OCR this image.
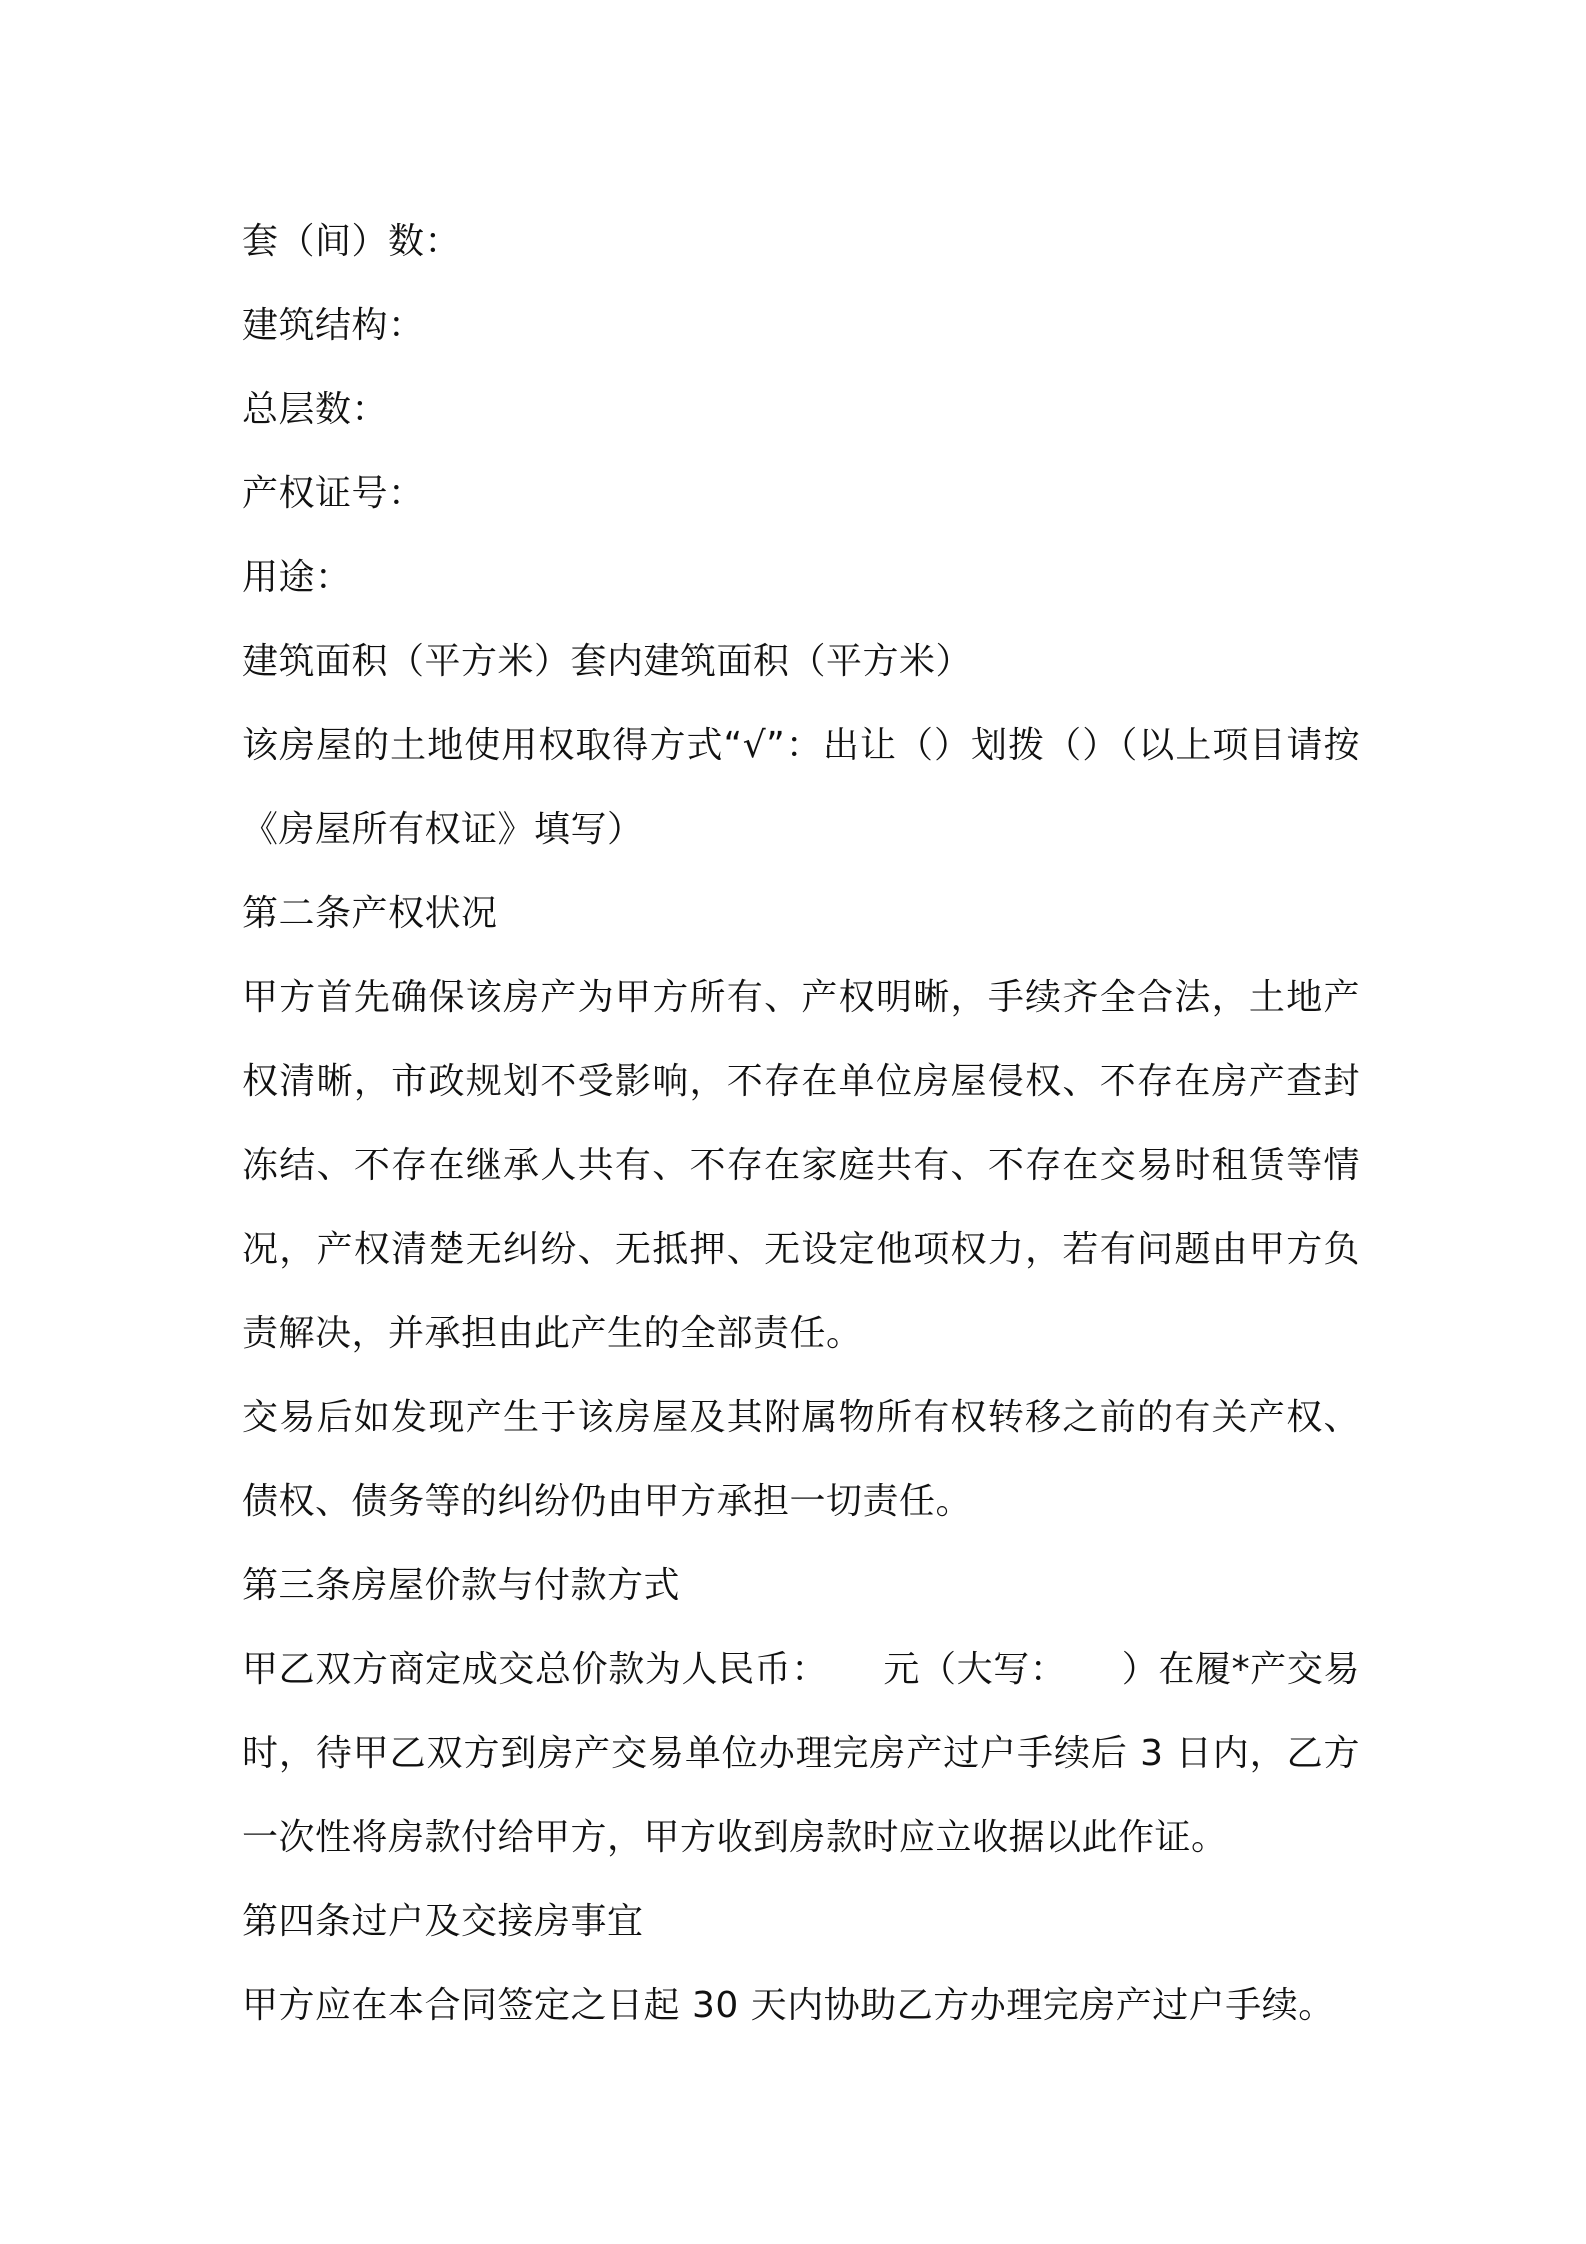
套（间）数：
建筑结构：
总层数：
产权证号：
用途：
建筑面积（平方米）套内建筑面积（平方米）
该房屋的土地使用权取得方式“√”：出让（）划拨（）（以上项目请按《房屋所有权证》填写）
第二条产权状况
甲方首先确保该房产为甲方所有、产权明晰，手续齐全合法，土地产权清晰，市政规划不受影响，不存在单位房屋侵权、不存在房产查封冻结、不存在继承人共有、不存在家庭共有、不存在交易时租赁等情况，产权清楚无纠纷、无抵押、无设定他项权力，若有问题由甲方负责解决，并承担由此产生的全部责任。
交易后如发现产生于该房屋及其附属物所有权转移之前的有关产权、债权、债务等的纠纷仍由甲方承担一切责任。
第三条房屋价款与付款方式
甲乙双方商定成交总价款为人民币：　　元（大写：　　）在履*产交易时，待甲乙双方到房产交易单位办理完房产过户手续后 3 日内，乙方一次性将房款付给甲方，甲方收到房款时应立收据以此作证。
第四条过户及交接房事宜
甲方应在本合同签定之日起 30 天内协助乙方办理完房产过户手续。
